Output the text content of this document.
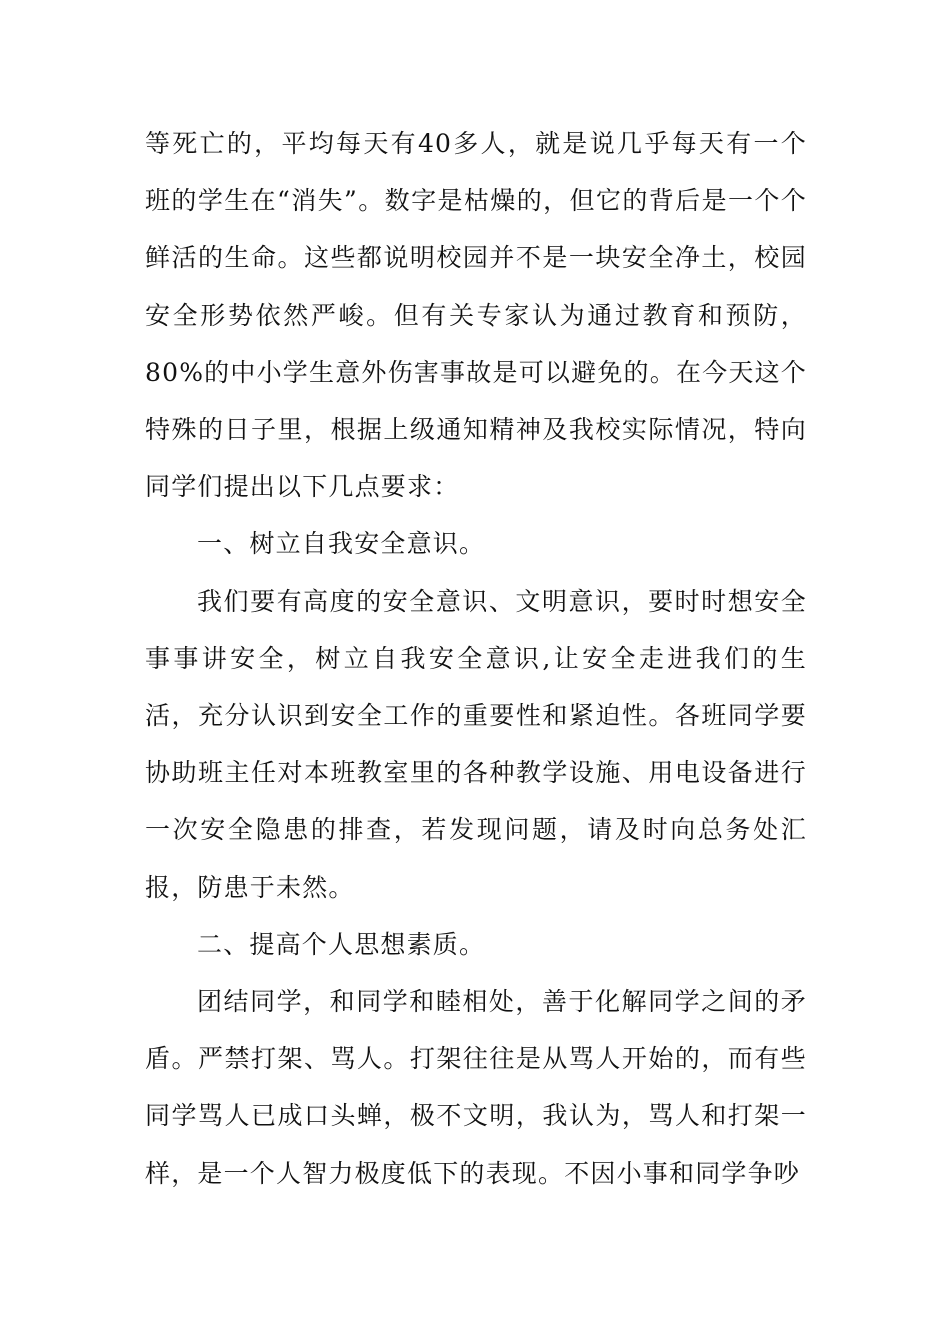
等死亡的，平均每天有40多人，就是说几乎每天有一个班的学生在“消失”。数字是枯燥的，但它的背后是一个个鲜活的生命。这些都说明校园并不是一块安全净土，校园安全形势依然严峻。但有关专家认为通过教育和预防，80%的中小学生意外伤害事故是可以避免的。在今天这个特殊的日子里，根据上级通知精神及我校实际情况，特向同学们提出以下几点要求：

一、树立自我安全意识。

我们要有高度的安全意识、文明意识，要时时想安全事事讲安全，树立自我安全意识,让安全走进我们的生活，充分认识到安全工作的重要性和紧迫性。各班同学要协助班主任对本班教室里的各种教学设施、用电设备进行一次安全隐患的排查，若发现问题，请及时向总务处汇报，防患于未然。

二、提高个人思想素质。

团结同学，和同学和睦相处，善于化解同学之间的矛盾。严禁打架、骂人。打架往往是从骂人开始的，而有些同学骂人已成口头蝉，极不文明，我认为，骂人和打架一样，是一个人智力极度低下的表现。不因小事和同学争吵
